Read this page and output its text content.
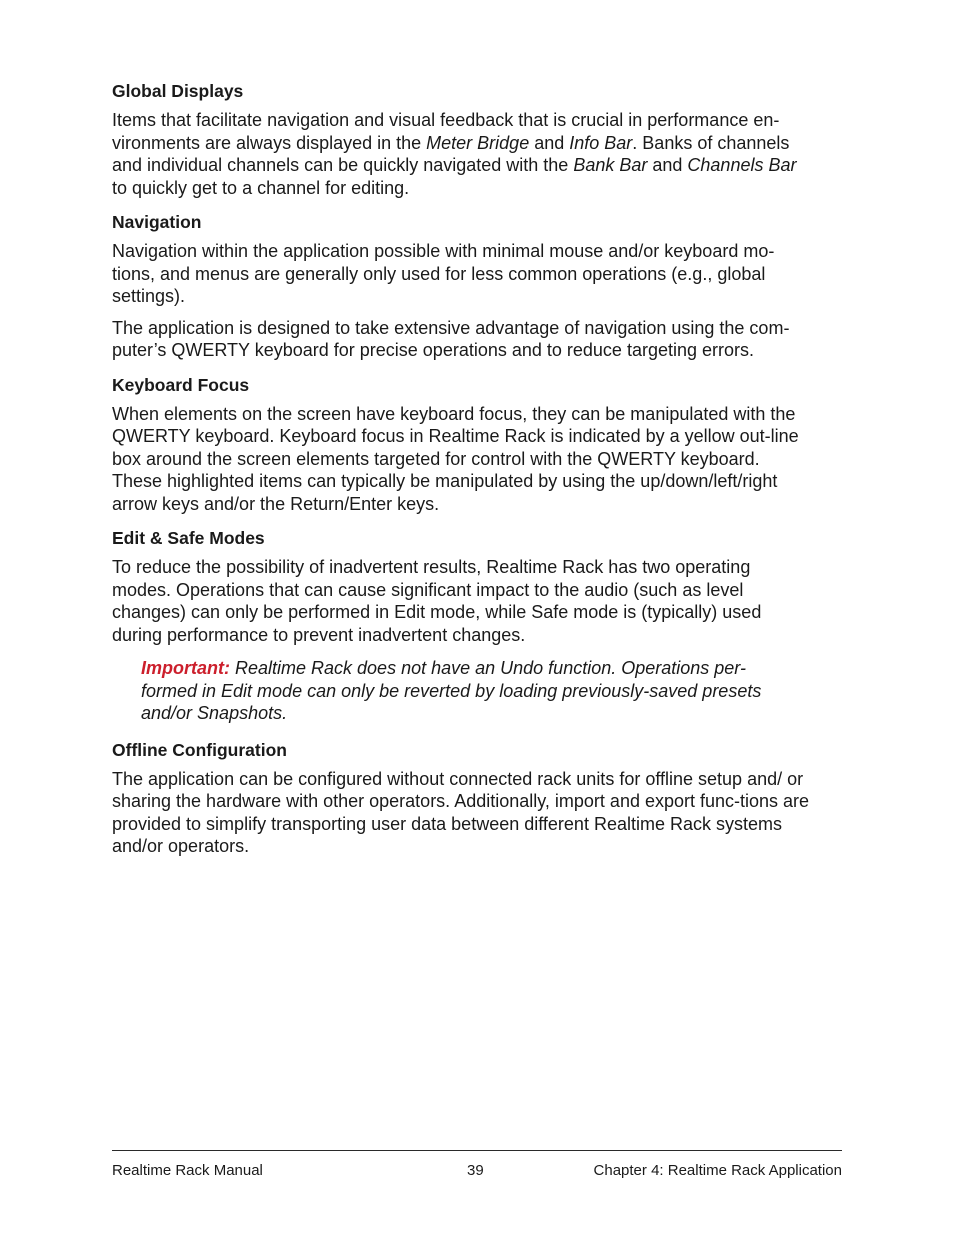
Global Displays

Items that facilitate navigation and visual feedback that is crucial in performance en-vironments are always displayed in the Meter Bridge and Info Bar. Banks of channels and individual channels can be quickly navigated with the Bank Bar and Channels Bar to quickly get to a channel for editing.

Navigation

Navigation within the application possible with minimal mouse and/or keyboard mo-tions, and menus are generally only used for less common operations (e.g., global settings).

The application is designed to take extensive advantage of navigation using the com-puter’s QWERTY keyboard for precise operations and to reduce targeting errors.

Keyboard Focus

When elements on the screen have keyboard focus, they can be manipulated with the QWERTY keyboard. Keyboard focus in Realtime Rack is indicated by a yellow out-line box around the screen elements targeted for control with the QWERTY keyboard. These highlighted items can typically be manipulated by using the up/down/left/right arrow keys and/or the Return/Enter keys.

Edit & Safe Modes

To reduce the possibility of inadvertent results, Realtime Rack has two operating modes. Operations that can cause significant impact to the audio (such as level changes) can only be performed in Edit mode, while Safe mode is (typically) used during performance to prevent inadvertent changes.

Important: Realtime Rack does not have an Undo function. Operations per-formed in Edit mode can only be reverted by loading previously-saved presets and/or Snapshots.
Offline Configuration

The application can be configured without connected rack units for offline setup and/ or sharing the hardware with other operators. Additionally, import and export func-tions are provided to simplify transporting user data between different Realtime Rack systems and/or operators.

Realtime Rack Manual	39	Chapter 4: Realtime Rack Application
